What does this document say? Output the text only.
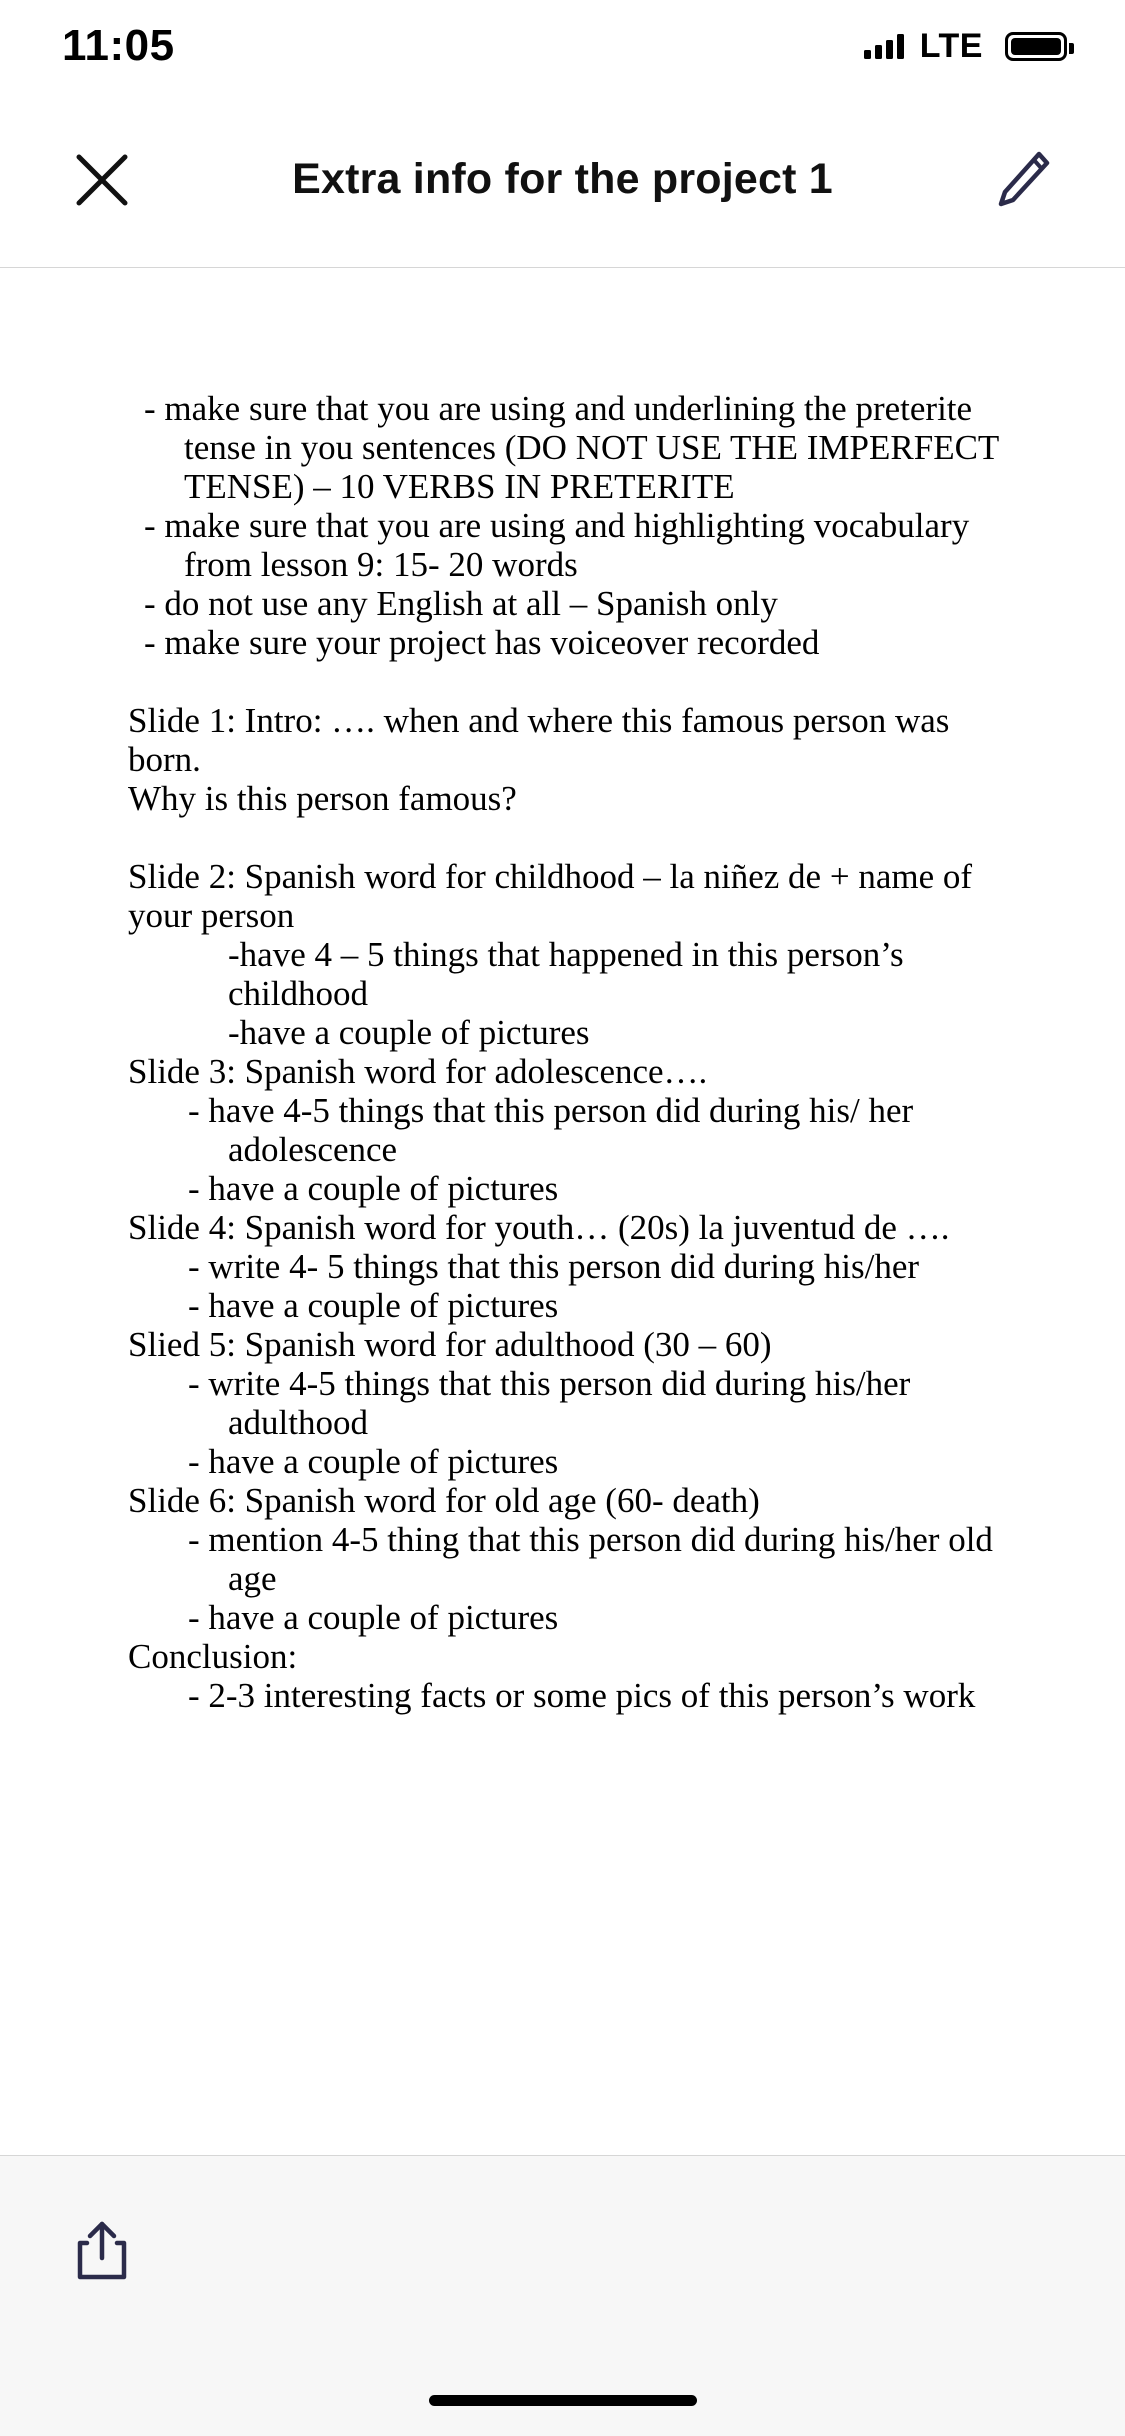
11:05	LTE
Extra info for the project 1
- make sure that you are using and underlining the preterite
tense in you sentences (DO NOT USE THE IMPERFECT
TENSE) – 10 VERBS IN PRETERITE
- make sure that you are using and highlighting vocabulary
from lesson 9: 15- 20 words
- do not use any English at all – Spanish only
- make sure your project has voiceover recorded
Slide 1: Intro: …. when and where this famous person was born.
Why is this person famous?
Slide 2: Spanish word for childhood – la niñez de + name of
your person
-have 4 – 5 things that happened in this person’s childhood
-have a couple of pictures
Slide 3: Spanish word for adolescence….
- have 4-5 things that this person did during his/ her
adolescence
- have a couple of pictures
Slide 4: Spanish word for youth… (20s) la juventud de ….
- write 4- 5 things that this person did during his/her
- have a couple of pictures
Slied 5: Spanish word for adulthood (30 – 60)
- write 4-5 things that this person did during his/her adulthood
- have a couple of pictures
Slide 6: Spanish word for old age (60- death)
- mention 4-5 thing that this person did during his/her old age
- have a couple of pictures
Conclusion:
- 2-3 interesting facts or some pics of this person’s work
